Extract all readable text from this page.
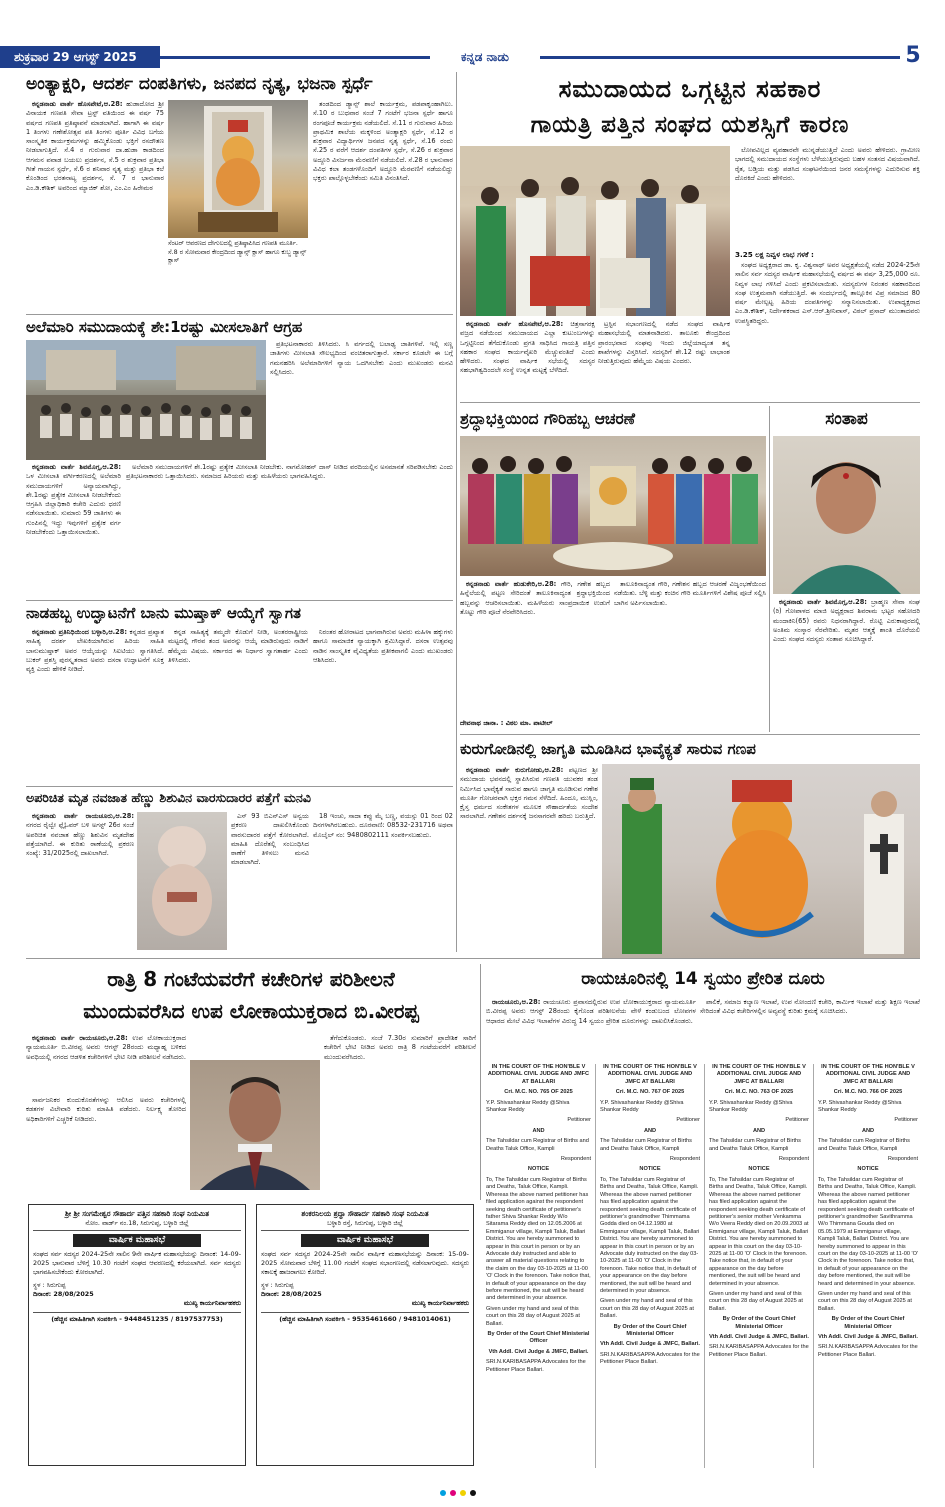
ಶುಕ್ರವಾರ 29 ಆಗಸ್ಟ್ 2025	ಕನ್ನಡ ನಾಡು	5
ಅಂತ್ಯಾಕ್ಷರಿ, ಆದರ್ಶ ದಂಪತಿಗಳು, ಜನಪದ ನೃತ್ಯ, ಭಜನಾ ಸ್ಪರ್ಧೆ

ಕನ್ನಡನಾಡು ವಾರ್ತೆ ಹೊಸಪೇಟೆ,ಆ.28: ಹುಡಾದೋದ ಶ್ರೀ ವಿನಾಯಕ ಗಣಪತಿ ಸೇವಾ ಟ್ರಸ್ಟ್ ವತಿಯಿಂದ ಈ ವರ್ಷ 75 ವರ್ಷದ ಗಣಪತಿ ಪ್ರತಿಷ್ಠಾಪನೆ ಮಾಡಲಾಗಿದೆ. ಹಾಗಾಗಿ ಈ ವರ್ಷ 1 ತಿಂಗಳು ಗಣೇಶೋತ್ಸವ ಪತಿ ತಿಂಗಳು ಪೂರ್ತಿ ವಿವಿಧ ಬಗೆಯ ಸಾಂಸ್ಕೃತಿಕ ಕಾರ್ಯಕ್ರಮಗಳನ್ನು ಹಮ್ಮಿಕೊಂಡು ಭಕ್ತಿಗೆ ರಸದೌತಣ ನೀಡಲಾಗುತ್ತಿದೆ. ಸೆ.4 ರ ಗುರುವಾರ ದಾ.ಹುಡಾ ಕಾಡದಿಂದ ಆಗಮನ ಪವಾಡ ಬಯಲು ಪ್ರದರ್ಶನ, ಸೆ.5 ರ ಶುಕ್ರವಾರ ಪ್ರತಿಭಾ ಗೀತೆ ಗಾಯನ ಸ್ಪರ್ಧೆ, ಸೆ.6 ರ ಶನಿವಾರ ನೃತ್ಯ ಮತ್ತು ಪ್ರತಿಭಾ ಕಲೆ ಕೊಂಡಿಂದ ಭರತನಾಟ್ಯ ಪ್ರದರ್ಶನ, ಸೆ. 7 ರ ಭಾನುವಾರ ಎಂ.ಡಿ.ಕೌಶಿಕ್ ಅವರಿಂದ ಮ್ಯಾಜಿಕ್ ಶೋ, ಎಂ.ಎಂ ಹಿರೇಮಠ

ಸೆಂಟರ್ ಆವರಣದ ದೇಗುಲದಲ್ಲಿ ಪ್ರತಿಷ್ಠಾಪಿಸಿದ ಗಣಪತಿ ಮೂರ್ತಿ. ಸೆ.8 ರ ಸೋಮವಾರ ಕೇಂದ್ರದಿಂದ ಡ್ಯಾನ್ಸ್ ಕ್ಲಾಸ್ ಹಾಗೂ ಕುಬ್ಜ ಡ್ಯಾನ್ಸ್ ಕ್ಲಾಸ್

ತಂಡದಿಂದ ಡ್ಯಾನ್ಸ್‌ ಶಾಲೆ ಕಾರ್ಯಕ್ರಮ, ಪಡಪಾಕೃಂಹಾಗಿಲು. ಸೆ.10 ರ ಬುಧವಾರ ಸಂಜೆ 7 ಗಂಟೆಗೆ ಭಜನಾ ಸ್ಪರ್ಧೆ ಹಾಗೂ ರಂಗಪೂಜೆ ಕಾರ್ಯಕ್ರಮ ನಡೆಯಲಿದೆ. ಸೆ.11 ರ ಗುರುವಾರ ಹಿರಿಯ ಪ್ರಾಥಮಿಕ ಶಾಲೆಯ ಮಕ್ಕಳಿಂದ ಅಂತ್ಯಾಕ್ಷರಿ ಸ್ಪರ್ಧೆ, ಸೆ.12 ರ ಶುಕ್ರವಾರ ವಿದ್ಯಾರ್ಥಿಗಳ ಜನಪದ ನೃತ್ಯ ಸ್ಪರ್ಧೆ, ಸೆ.16 ರಂದು ಸೆ.25 ರ ವರೆಗೆ ಆದರ್ಶ ದಂಪತಿಗಳ ಸ್ಪರ್ಧೆ, ಸೆ.26 ರ ಶುಕ್ರವಾರ ಅದ್ದೂರಿ ವಿಸರ್ಜನಾ ಮೆರವಣಿಗೆ ನಡೆಯಲಿದೆ. ಸೆ.28 ರ ಭಾನುವಾರ ವಿವಿಧ ಕಲಾ ತಂಡಗಳೊಂದಿಗೆ ಅದ್ಧೂರಿ ಮೆರವಣಿಗೆ ನಡೆಯಲಿದ್ದು ಭಕ್ತರು ಪಾಲ್ಗೊಳ್ಳಬೇಕೆಂದು ಸಮಿತಿ ವಿನಂತಿಸಿದೆ.

ಅಲೆಮಾರಿ ಸಮುದಾಯಕ್ಕೆ ಶೇ:1ರಷ್ಟು ಮೀಸಲಾತಿಗೆ ಆಗ್ರಹ

ಪ್ರತಿಭಟನಾಕಾರರು ತಿಳಿಸಿದರು. ಸಿ ವರ್ಗದಲ್ಲಿ ಬಲಾಢ್ಯ ಜಾತಿಗಳಿವೆ. ಇಲ್ಲಿ ಸಣ್ಣ ಜಾತಿಗಳು ಮೀಸಲಾತಿ ಸೌಲಭ್ಯದಿಂದ ವಂಚಿತರಾಗುತ್ತಾರೆ. ಸರ್ಕಾರ ಕೂಡಲೇ ಈ ಬಗ್ಗೆ ಗಮನಹರಿಸಿ ಅಲೆಮಾರಿಗಳಿಗೆ ನ್ಯಾಯ ಒದಗಿಸಬೇಕು ಎಂದು ಮುಖಂಡರು ಮನವಿ ಸಲ್ಲಿಸಿದರು.

ಕನ್ನಡನಾಡು ವಾರ್ತೆ ಶಿವಮೊಗ್ಗ,ಆ.28: ಒಳ ಮೀಸಲಾತಿ ವರ್ಗೀಕರಣದಲ್ಲಿ ಅಲೆಮಾರಿ ಸಮುದಾಯಗಳಿಗೆ ಅನ್ಯಾಯವಾಗಿದ್ದು, ಶೇ.1ರಷ್ಟು ಪ್ರತ್ಯೇಕ ಮೀಸಲಾತಿ ನೀಡಬೇಕೆಂದು ಆಗ್ರಹಿಸಿ ಜಿಲ್ಲಾಧಿಕಾರಿ ಕಚೇರಿ ಎದುರು ಧರಣಿ ನಡೆಸಲಾಯಿತು. ಸುಮಾರು 59 ಜಾತಿಗಳು ಈ ಗುಂಪಿನಲ್ಲಿ ಇದ್ದು ಇವುಗಳಿಗೆ ಪ್ರತ್ಯೇಕ ವರ್ಗ ನೀಡಬೇಕೆಂದು ಒತ್ತಾಯಿಸಲಾಯಿತು.

ಅಲೆಮಾರಿ ಸಮುದಾಯಗಳಿಗೆ ಶೇ.1ರಷ್ಟು ಪ್ರತ್ಯೇಕ ಮೀಸಲಾತಿ ನೀಡಬೇಕು. ನಾಗಮೋಹನ್ ದಾಸ್ ನೀಡಿದ ವರದಿಯಲ್ಲಿನ ಅಸಮಾನತೆ ಸರಿಪಡಿಸಬೇಕು ಎಂದು ಪ್ರತಿಭಟನಾಕಾರರು ಒತ್ತಾಯಿಸಿದರು. ಸಮಾಜದ ಹಿರಿಯರು ಮತ್ತು ಮಹಿಳೆಯರು ಭಾಗವಹಿಸಿದ್ದರು.

ನಾಡಹಬ್ಬ ಉದ್ಘಾಟನೆಗೆ ಬಾನು ಮುಷ್ತಾಕ್ ಆಯ್ಕೆಗೆ ಸ್ವಾಗತ

ಕನ್ನಡನಾಡು ಪ್ರತಿನಿಧಿಯಿಂದ ಬಳ್ಳಾರಿ,ಆ.28: ಕನ್ನಡದ ಪ್ರಖ್ಯಾತ ಸಾಹಿತ್ಯ ದರರ್ಶ ಲೇಖಕಿಯಾಗಿರುವ ಹಿರಿಯ ಸಾಹಿತಿ ಬಾನುಮುಷ್ತಾಕ್ ಅವರ ಆಯ್ಕೆಯನ್ನು ಸಿಐಟಿಯು ಸ್ವಾಗತಿಸಿದೆ. ಬುಕರ್ ಪ್ರಶಸ್ತಿ ಪುರಸ್ಕೃತರಾದ ಅವರು ದಸರಾ ಉದ್ಘಾಟನೆಗೆ ಸೂಕ್ತ ವ್ಯಕ್ತಿ ಎಂದು ಹೇಳಿಕೆ ನೀಡಿದೆ.

ಕನ್ನಡ ಸಾಹಿತ್ಯಕ್ಕೆ ತಮ್ಮದೇ ಕೊಡುಗೆ ನೀಡಿ, ಅಂತರರಾಷ್ಟ್ರೀಯ ಮಟ್ಟದಲ್ಲಿ ಗೌರವ ತಂದ ಅವರನ್ನು ಆಯ್ಕೆ ಮಾಡಿರುವುದು ನಾಡಿಗೆ ಹೆಮ್ಮೆಯ ವಿಷಯ. ಸರ್ಕಾರದ ಈ ನಿರ್ಧಾರ ಸ್ವಾಗತಾರ್ಹ ಎಂದು ತಿಳಿಸಿದರು.

ನಿರಂತರ ಹೋರಾಟದ ಭಾಗವಾಗಿರುವ ಅವರು ಮಹಿಳಾ ಹಕ್ಕುಗಳು ಹಾಗೂ ಸಾಮಾಜಿಕ ನ್ಯಾಯಕ್ಕಾಗಿ ಶ್ರಮಿಸಿದ್ದಾರೆ. ದಸರಾ ಉತ್ಸವವು ನಾಡಿನ ಸಾಂಸ್ಕೃತಿಕ ವೈವಿಧ್ಯತೆಯ ಪ್ರತೀಕವಾಗಲಿ ಎಂದು ಮುಖಂಡರು ಆಶಿಸಿದರು.

ಅಪರಿಚಿತ ಮೃತ ನವಜಾತ ಹೆಣ್ಣು ಶಿಶುವಿನ ವಾರಸುದಾರರ ಪತ್ತೆಗೆ ಮನವಿ

ಕನ್ನಡನಾಡು ವಾರ್ತೆ ರಾಯಚೂರು,ಆ.28: ನಗರದ ರೈಲ್ವೇ ಫ್ಲೈಓವರ್ ಬಳಿ ಅಗಸ್ಟ್ 26ರ ಸಂಜೆ ಅಪರಿಚಿತ ನವಜಾತ ಹೆಣ್ಣು ಶಿಶುವಿನ ಮೃತದೇಹ ಪತ್ತೆಯಾಗಿದೆ. ಈ ಕುರಿತು ಠಾಣೆಯಲ್ಲಿ ಪ್ರಕರಣ ಸಂಖ್ಯೆ: 31/2025ರಲ್ಲಿ ದಾಖಲಾಗಿದೆ.

ಎಸ್ 93 ಬಿಎನ್ಎಸ್ ಅನ್ವಯ ಪ್ರಕರಣ ದಾಖಲಿಸಿಕೊಂಡು ವಾರಸುದಾರರ ಪತ್ತೆಗೆ ಕೋರಲಾಗಿದೆ. ಮಾಹಿತಿ ದೊರೆತಲ್ಲಿ ಸಂಬಂಧಿಸಿದ ಠಾಣೆಗೆ ತಿಳಿಸಲು ಮನವಿ ಮಾಡಲಾಗಿದೆ.

18 ಇಂಚು, ಸಾದಾ ಕಪ್ಪು ಮೈ ಬಣ್ಣ, ವಯಸ್ಸು 01 ರಿಂದ 02 ದಿನಗಳಾಗಿರಬಹುದು. ದೂರವಾಣಿ: 08532-231716 ಅಥವಾ ಮೊಬೈಲ್ ನಂ: 9480802111 ಸಂಪರ್ಕಿಸಬಹುದು.

ಸಮುದಾಯದ ಒಗ್ಗಟ್ಟಿನ ಸಹಕಾರ
ಗಾಯತ್ರಿ ಪತ್ತಿನ ಸಂಘದ ಯಶಸ್ಸಿಗೆ ಕಾರಣ

ಲೋಪವಿಲ್ಲದ ವ್ಯವಹಾರವೇ ಮುನ್ನಡೆಯುತ್ತಿದೆ ಎಂದು ಅವರು ಹೇಳಿದರು. ಗ್ರಾಮೀಣ ಭಾಗದಲ್ಲಿ ಸಮುದಾಯದ ಸಂಸ್ಥೆಗಳು ಬೆಳೆಯುತ್ತಿರುವುದು ಬಹಳ ಸಂತಸದ ವಿಷಯವಾಗಿದೆ. ರೈತ, ಬಡ್ತಿಯ ಮತ್ತು ಪಡಸಿದ ಸಂಘಟನೆಯಿಂದ ಜನರ ಸಮಸ್ಯೆಗಳನ್ನು ಎದುರಿಸುವ ಶಕ್ತಿ ದೊರಕಿದೆ ಎಂದು ಹೇಳಿದರು.

3.25 ಲಕ್ಷ ನಿವ್ವಳ ಲಾಭ ಗಳಕೆ :

ಸಂಘದ ಅಧ್ಯಕ್ಷರಾದ ಡಾ. ಕೃ. ವಿಶ್ವನಾಥ್ ಅವರ ಅಧ್ಯಕ್ಷತೆಯಲ್ಲಿ ನಡೆದ 2024-25ನೇ ಸಾಲಿನ ಸರ್ವ ಸದಸ್ಯರ ವಾರ್ಷಿಕ ಮಹಾಸಭೆಯಲ್ಲಿ ವರ್ಷದ ಈ ವರ್ಷ 3,25,000 ರೂ. ನಿವ್ವಳ ಲಾಭ ಗಳಿಸಿದೆ ಎಂದು ಪ್ರಕಟಿಸಲಾಯಿತು. ಸದಸ್ಯರುಗಳ ನಿರಂತರ ಸಹಕಾರದಿಂದ ಸಂಘ ಉತ್ತಮವಾಗಿ ನಡೆಯುತ್ತಿದೆ. ಈ ಸಂದರ್ಭದಲ್ಲಿ ತಾಲ್ಲೂಕಿನ ವಿಪ್ರ ಸಮಾಜದ 80 ವರ್ಷ ಮೇಲ್ಪಟ್ಟ ಹಿರಿಯ ದಂಪತಿಗಳನ್ನು ಸನ್ಮಾನಿಸಲಾಯಿತು. ಉಪಾಧ್ಯಕ್ಷರಾದ ಎಂ.ಡಿ.ಕೌಶಿಕ್, ನಿರ್ದೇಶಕರಾದ ಎಸ್.ಆರ್.ಶ್ರೀನಿವಾಸ್, ವಿಠಲ್ ಪ್ರಸಾದ್ ಮುಂತಾದವರು ಉಪಸ್ಥಿತರಿದ್ದರು.

ಕನ್ನಡನಾಡು ವಾರ್ತೆ ಹೊಸಪೇಟೆ,ಆ.28: ಚಿತ್ರಸಾಗರಕ್ಷ ವಜ್ರದ ನಡೆಯಿಂದ ಸಮುದಾಯದ ಎಲ್ಲಾ ಕುಟುಂಬಗಳನ್ನು ಒಗ್ಗಟ್ಟಿನಿಂದ ತೆಗೆದುಕೊಂಡು ಪ್ರಗತಿ ಸಾಧಿಸಿದ ಗಾಯತ್ರಿ ಪತ್ತಿನ ಸಹಕಾರ ಸಂಘದ ಕಾರ್ಯವೈಖರಿ ಮೆಚ್ಚುವಂತಿದೆ ಎಂದು ಹೇಳಿದರು. ಸಂಘದ ವಾರ್ಷಿಕ ಸಭೆಯಲ್ಲಿ ಸದಸ್ಯರ ಸಹಭಾಗಿತ್ವದಿಂದಲೇ ಸಂಸ್ಥೆ ಉನ್ನತ ಮಟ್ಟಕ್ಕೆ ಬೆಳೆದಿದೆ.

ಟ್ರಸ್ಟಿನ ಸಭಾಂಗಣದಲ್ಲಿ ನಡೆದ ಸಂಘದ ವಾರ್ಷಿಕ ಮಹಾಸಭೆಯಲ್ಲಿ ಮಾತನಾಡಿದರು. ತಾಲೂಕು ಕೇಂದ್ರದಿಂದ ಪ್ರಾರಂಭವಾದ ಸಂಘವು ಇಂದು ಜಿಲ್ಲೆಯಾದ್ಯಂತ ತನ್ನ ಶಾಖೆಗಳನ್ನು ವಿಸ್ತರಿಸಿದೆ. ಸದಸ್ಯರಿಗೆ ಶೇ.12 ರಷ್ಟು ಲಾಭಾಂಶ ನೀಡುತ್ತಿರುವುದು ಹೆಮ್ಮೆಯ ವಿಷಯ ಎಂದರು.

ಶ್ರದ್ಧಾಭಕ್ತಿಯಿಂದ ಗೌರಿಹಬ್ಬ ಆಚರಣೆ

ಕನ್ನಡನಾಡು ವಾರ್ತೆ ಹುಡುಕೇರಿ,ಆ.28: ಗೌರಿ, ಗಣೇಶ ಹಬ್ಬದ ಹಿನ್ನೆಲೆಯಲ್ಲಿ ಪಟ್ಟಣ ಸೇರಿದಂತೆ ತಾಲೂಕಿನಾದ್ಯಂತ ಶ್ರದ್ಧಾಭಕ್ತಿಯಿಂದ ಹಬ್ಬವನ್ನು ಆಚರಿಸಲಾಯಿತು. ಮಹಿಳೆಯರು ಸಾಂಪ್ರದಾಯಿಕ ಉಡುಗೆ ತೊಟ್ಟು ಗೌರಿ ಪೂಜೆ ನೆರವೇರಿಸಿದರು.

ತಾಲೂಕಿನಾದ್ಯಂತ ಗೌರಿ, ಗಣೇಶನ ಹಬ್ಬದ ಆಚರಣೆ ವಿಜೃಂಭಣೆಯಿಂದ ನಡೆಯಿತು. ಬೆಳ್ಳಿ ಮತ್ತು ಕಂಚಿನ ಗೌರಿ ಮೂರ್ತಿಗಳಿಗೆ ವಿಶೇಷ ಪೂಜೆ ಸಲ್ಲಿಸಿ ಬಾಗಿನ ಅರ್ಪಿಸಲಾಯಿತು.

ದೇವನಾಥ ಜಾನಾ. : ವಿಠಲ ಮಾ. ಪಾಟೀಲ್
ಸಂತಾಪ

ಕನ್ನಡನಾಡು ವಾರ್ತೆ ಶಿವಮೊಗ್ಗ,ಆ.28: ಬ್ರಾಹ್ಮಣ ಸೇವಾ ಸಂಘ (ರಿ) ಗೋಪಾಳದ ಮಾಜಿ ಅಧ್ಯಕ್ಷರಾದ ಶಿವರಾಮ ಭಟ್ಟರ ಸಹೋದರಿ ಮಂದಾಕಿನಿ(65) ರವರು ನಿಧನರಾಗಿದ್ದಾರೆ. ರೊಟ್ಟಿ ಎರುಕಾಪುರದಲ್ಲಿ ಅಂತಿಮ ಸಂಸ್ಕಾರ ನೆರವೇರಿತು. ಮೃತರ ಆತ್ಮಕ್ಕೆ ಶಾಂತಿ ದೊರೆಯಲಿ ಎಂದು ಸಂಘದ ಸದಸ್ಯರು ಸಂತಾಪ ಸೂಚಿಸಿದ್ದಾರೆ.

ಕುರುಗೋಡಿನಲ್ಲಿ ಜಾಗೃತಿ ಮೂಡಿಸಿದ ಭಾವೈಕ್ಯತೆ ಸಾರುವ ಗಣಪ

ಕನ್ನಡನಾಡು ವಾರ್ತೆ ಕುರುಗೋಡು,ಆ.28: ಪಟ್ಟಣದ ಶ್ರೀ ಸಮುದಾಯ ಭವನದಲ್ಲಿ ಸ್ಥಾಪಿಸಿರುವ ಗಣಪತಿ ಯುವಕರ ತಂಡ ನಿರ್ಮಿಸಿದ ಭಾವೈಕ್ಯತೆ ಸಾರುವ ಹಾಗೂ ಜಾಗೃತಿ ಮೂಡಿಸುವ ಗಣೇಶ ಮೂರ್ತಿ ಗೋಚರವಾಗಿ ಭಕ್ತರ ಗಮನ ಸೆಳೆದಿದೆ. ಹಿಂದೂ, ಮುಸ್ಲಿಂ, ಕ್ರೈಸ್ತ ಧರ್ಮದ ಸಂಕೇತಗಳ ಮೂಲಕ ಸೌಹಾರ್ದತೆಯ ಸಂದೇಶ ಸಾರಲಾಗಿದೆ. ಗಣೇಶನ ದರ್ಶನಕ್ಕೆ ಜನಸಾಗರವೇ ಹರಿದು ಬರುತ್ತಿದೆ.

ರಾತ್ರಿ 8 ಗಂಟೆಯವರೆಗೆ ಕಚೇರಿಗಳ ಪರಿಶೀಲನೆ
ಮುಂದುವರೆಸಿದ ಉಪ ಲೋಕಾಯುಕ್ತರಾದ ಬಿ.ವೀರಪ್ಪ

ಕನ್ನಡನಾಡು ವಾರ್ತೆ ರಾಯಚೂರು,ಆ.28: ಉಪ ಲೋಕಾಯುಕ್ತರಾದ ನ್ಯಾಯಮೂರ್ತಿ ಬಿ.ವೀರಪ್ಪ ಅವರು ಆಗಸ್ಟ್ 28ರಂದು ಮಧ್ಯಾಹ್ನ ಬಳಿಕದ ಅವಧಿಯಲ್ಲಿ ನಗರದ ಆಡಳಿತ ಕಚೇರಿಗಳಿಗೆ ಭೇಟಿ ನೀಡಿ ಪರಿಶೀಲನೆ ನಡೆಸಿದರು.

ಸಾರ್ವಜನಿಕರ ಕುಂದುಕೊರತೆಗಳನ್ನು ಆಲಿಸಿದ ಅವರು ಕಚೇರಿಗಳಲ್ಲಿ ಕಡತಗಳ ವಿಲೇವಾರಿ ಕುರಿತು ಮಾಹಿತಿ ಪಡೆದರು. ನಿರ್ಲಕ್ಷ್ಯ ತೋರಿದ ಅಧಿಕಾರಿಗಳಿಗೆ ಎಚ್ಚರಿಕೆ ನೀಡಿದರು.

ತೆಗೆದುಕೊಂಡರು. ಸಂಜೆ 7.30ರ ಸುಮಾರಿಗೆ ಪ್ರಾದೇಶಿಕ ಸಾರಿಗೆ ಕಚೇರಿಗೆ ಭೇಟಿ ನೀಡಿದ ಅವರು ರಾತ್ರಿ 8 ಗಂಟೆಯವರೆಗೆ ಪರಿಶೀಲನೆ ಮುಂದುವರೆಸಿದರು.

ರಾಯಚೂರಿನಲ್ಲಿ 14 ಸ್ವಯಂ ಪ್ರೇರಿತ ದೂರು

ರಾಯಚೂರು,ಆ.28: ರಾಯಚೂರು ಪ್ರವಾಸದಲ್ಲಿರುವ ಉಪ ಲೋಕಾಯುಕ್ತರಾದ ನ್ಯಾಯಮೂರ್ತಿ ಬಿ.ವೀರಪ್ಪ ಅವರು ಆಗಸ್ಟ್ 28ರಂದು ಕೈಗೊಂಡ ಪರಿಶೀಲನೆಯ ವೇಳೆ ಕಂಡುಬಂದ ಲೋಪಗಳ ಆಧಾರದ ಮೇಲೆ ವಿವಿಧ ಇಲಾಖೆಗಳ ವಿರುದ್ಧ 14 ಸ್ವಯಂ ಪ್ರೇರಿತ ದೂರುಗಳನ್ನು ದಾಖಲಿಸಿಕೊಂಡರು.

ಪಾಲಿಕೆ, ಸಮಾಜ ಕಲ್ಯಾಣ ಇಲಾಖೆ, ಉಪ ನೋಂದಣಿ ಕಚೇರಿ, ಕಾರ್ಮಿಕ ಇಲಾಖೆ ಮತ್ತು ಶಿಕ್ಷಣ ಇಲಾಖೆ ಸೇರಿದಂತೆ ವಿವಿಧ ಕಚೇರಿಗಳಲ್ಲಿನ ಅವ್ಯವಸ್ಥೆ ಕುರಿತು ಕ್ರಮಕ್ಕೆ ಸೂಚಿಸಿದರು.

IN THE COURT OF THE HON'BLE V ADDITIONAL CIVIL JUDGE AND JMFC AT BALLARI

Cri. M.C. NO. 765 OF 2025

Y.P. Shivashankar Reddy @Shiva Shankar Reddy

Petitioner

AND

The Tahsildar cum Registrar of Births and Deaths Taluk Office, Kampli

Respondent

NOTICE

To, The Tahsildar cum Registrar of Births and Deaths, Taluk Office, Kampli. Whereas the above named petitioner has filed application against the respondent seeking death certificate of petitioner's father Shiva Shankar Reddy W/o Sitarama Reddy died on 12.05.2006 at Emmiganur village, Kampli Taluk, Ballari District. You are hereby summoned to appear in this court in person or by an Advocate duly instructed and able to answer all material questions relating to the claim on the day 03-10-2025 at 11-00 'O' Clock in the forenoon. Take notice that, in default of your appearance on the day before mentioned, the suit will be heard and determined in your absence.

Given under my hand and seal of this court on this 28 day of August 2025 at Ballari.

By Order of the Court Chief Ministerial Officer

Vth Addl. Civil Judge & JMFC, Ballari.

SRI.N.KARIBASAPPA Advocates for the Petitioner Place Ballari.

IN THE COURT OF THE HON'BLE V ADDITIONAL CIVIL JUDGE AND JMFC AT BALLARI

Cri. M.C. NO. 767 OF 2025

Y.P. Shivashankar Reddy @Shiva Shankar Reddy

Petitioner

AND

The Tahsildar cum Registrar of Births and Deaths Taluk Office, Kampli

Respondent

NOTICE

To, The Tahsildar cum Registrar of Births and Deaths, Taluk Office, Kampli. Whereas the above named petitioner has filed application against the respondent seeking death certificate of petitioner's grandmother Thimmama Godda died on 04.12.1980 at Emmiganur village, Kampli Taluk, Ballari District. You are hereby summoned to appear in this court in person or by an Advocate duly instructed on the day 03-10-2025 at 11-00 'O' Clock in the forenoon. Take notice that, in default of your appearance on the day before mentioned, the suit will be heard and determined in your absence.

Given under my hand and seal of this court on this 28 day of August 2025 at Ballari.

By Order of the Court Chief Ministerial Officer

Vth Addl. Civil Judge & JMFC, Ballari.

SRI.N.KARIBASAPPA Advocates for the Petitioner Place Ballari.

IN THE COURT OF THE HON'BLE V ADDITIONAL CIVIL JUDGE AND JMFC AT BALLARI

Cri. M.C. NO. 763 OF 2025

Y.P. Shivashankar Reddy @Shiva Shankar Reddy

Petitioner

AND

The Tahsildar cum Registrar of Births and Deaths Taluk Office, Kampli

Respondent

NOTICE

To, The Tahsildar cum Registrar of Births and Deaths, Taluk Office, Kampli. Whereas the above named petitioner has filed application against the respondent seeking death certificate of petitioner's senior mother Venkamma W/o Veera Reddy died on 20.09.2003 at Emmiganur village, Kampli Taluk, Ballari District. You are hereby summoned to appear in this court on the day 03-10-2025 at 11-00 'O' Clock in the forenoon. Take notice that, in default of your appearance on the day before mentioned, the suit will be heard and determined in your absence.

Given under my hand and seal of this court on this 28 day of August 2025 at Ballari.

By Order of the Court Chief Ministerial Officer

Vth Addl. Civil Judge & JMFC, Ballari.

SRI.N.KARIBASAPPA Advocates for the Petitioner Place Ballari.

IN THE COURT OF THE HON'BLE V ADDITIONAL CIVIL JUDGE AND JMFC AT BALLARI

Cri. M.C. NO. 766 OF 2025

Y.P. Shivashankar Reddy @Shiva Shankar Reddy

Petitioner

AND

The Tahsildar cum Registrar of Births and Deaths Taluk Office, Kampli

Respondent

NOTICE

To, The Tahsildar cum Registrar of Births and Deaths, Taluk Office, Kampli. Whereas the above named petitioner has filed application against the respondent seeking death certificate of petitioner's grandmother Savithramma W/o Thimmana Gouda died on 05.05.1979 at Emmiganur village, Kampli Taluk, Ballari District. You are hereby summoned to appear in this court on the day 03-10-2025 at 11-00 'O' Clock in the forenoon. Take notice that, in default of your appearance on the day before mentioned, the suit will be heard and determined in your absence.

Given under my hand and seal of this court on this 28 day of August 2025 at Ballari.

By Order of the Court Chief Ministerial Officer

Vth Addl. Civil Judge & JMFC, Ballari.

SRI.N.KARIBASAPPA Advocates for the Petitioner Place Ballari.

ಶ್ರೀ ಶ್ರೀ ಸಂಗಮೇಶ್ವರ ಸೌಹಾರ್ದ ಪತ್ತಿನ ಸಹಕಾರಿ ಸಂಘ ನಿಯಮಿತ
ನೋಂ. ವಾರ್ಡ್ ನಂ.18, ಸಿರುಗುಪ್ಪ, ಬಳ್ಳಾರಿ ಜಿಲ್ಲೆ
ವಾರ್ಷಿಕ ಮಹಾಸಭೆ
ಸಂಘದ ಸರ್ವ ಸದಸ್ಯರ 2024-25ನೇ ಸಾಲಿನ 9ನೇ ವಾರ್ಷಿಕ ಮಹಾಸಭೆಯನ್ನು ದಿನಾಂಕ: 14-09-2025 ಭಾನುವಾರ ಬೆಳಿಗ್ಗೆ 10.30 ಗಂಟೆಗೆ ಸಂಘದ ಆವರಣದಲ್ಲಿ ಕರೆಯಲಾಗಿದೆ. ಸರ್ವ ಸದಸ್ಯರು ಭಾಗವಹಿಸಬೇಕೆಂದು ಕೋರಲಾಗಿದೆ.
ಸ್ಥಳ : ಸಿರುಗುಪ್ಪ
ದಿನಾಂಕ: 28/08/2025
ಮುಖ್ಯ ಕಾರ್ಯನಿರ್ವಾಹಕರು
(ಹೆಚ್ಚಿನ ಮಾಹಿತಿಗಾಗಿ ಸಂಪರ್ಕಿಸಿ - 9448451235 / 8197537753)
ಶಂಕರನಿಲಯ ಶ್ರದ್ಧಾ ಸೌಹಾರ್ದ ಸಹಕಾರಿ ಸಂಘ ನಿಯಮಿತ
ಬಳ್ಳಾರಿ ರಸ್ತೆ, ಸಿರುಗುಪ್ಪ, ಬಳ್ಳಾರಿ ಜಿಲ್ಲೆ
ವಾರ್ಷಿಕ ಮಹಾಸಭೆ
ಸಂಘದ ಸರ್ವ ಸದಸ್ಯರ 2024-25ನೇ ಸಾಲಿನ ವಾರ್ಷಿಕ ಮಹಾಸಭೆಯನ್ನು ದಿನಾಂಕ: 15-09-2025 ಸೋಮವಾರ ಬೆಳಿಗ್ಗೆ 11.00 ಗಂಟೆಗೆ ಸಂಘದ ಸಭಾಂಗಣದಲ್ಲಿ ನಡೆಸಲಾಗುವುದು. ಸದಸ್ಯರು ಸಕಾಲಕ್ಕೆ ಹಾಜರಾಗಲು ಕೋರಿದೆ.
ಸ್ಥಳ : ಸಿರುಗುಪ್ಪ
ದಿನಾಂಕ: 28/08/2025
ಮುಖ್ಯ ಕಾರ್ಯನಿರ್ವಾಹಕರು
(ಹೆಚ್ಚಿನ ಮಾಹಿತಿಗಾಗಿ ಸಂಪರ್ಕಿಸಿ - 9535461660 / 9481014061)
